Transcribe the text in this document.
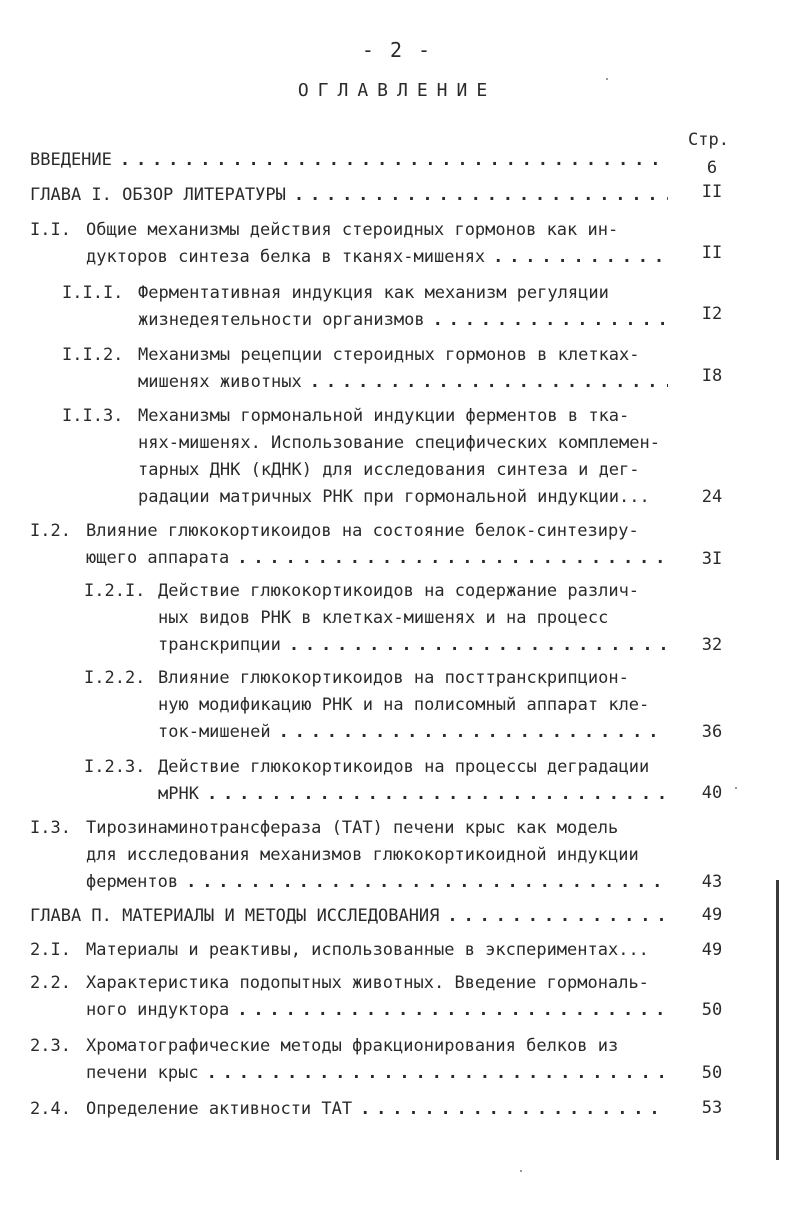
- 2 -
ОГЛАВЛЕНИЕ
Стр.
ВВЕДЕНИЕ . . .	6
ГЛАВА I. ОБЗОР ЛИТЕРАТУРЫ . . .	II
I.I. Общие механизмы действия стероидных гормонов как ин-
дукторов синтеза белка в тканях-мишенях . . .	II
I.I.I. Ферментативная индукция как механизм регуляции
жизнедеятельности организмов . . .	I2
I.I.2. Механизмы рецепции стероидных гормонов в клетках-
мишенях животных . . .	I8
I.I.3. Механизмы гормональной индукции ферментов в тка-
нях-мишенях. Использование специфических комплемен-
тарных ДНК (кДНК) для исследования синтеза и дег-
радации матричных РНК при гормональной индукции...	24
I.2. Влияние глюкокортикоидов на состояние белок-синтезиру-
ющего аппарата . . .	3I
I.2.I. Действие глюкокортикоидов на содержание различ-
ных видов РНК в клетках-мишенях и на процесс
транскрипции . . .	32
I.2.2. Влияние глюкокортикоидов на посттранскрипцион-
ную модификацию РНК и на полисомный аппарат кле-
ток-мишеней . . .	36
I.2.3. Действие глюкокортикоидов на процессы деградации
мРНК . . .	40
I.3. Тирозинаминотрансфераза (ТАТ) печени крыс как модель
для исследования механизмов глюкокортикоидной индукции
ферментов . . .	43
ГЛАВА П. МАТЕРИАЛЫ И МЕТОДЫ ИССЛЕДОВАНИЯ . . .	49
2.I. Материалы и реактивы, использованные в экспериментах...	49
2.2. Характеристика подопытных животных. Введение гормональ-
ного индуктора . . .	50
2.3. Хроматографические методы фракционирования белков из
печени крыс . . .	50
2.4. Определение активности ТАТ . . .	53
